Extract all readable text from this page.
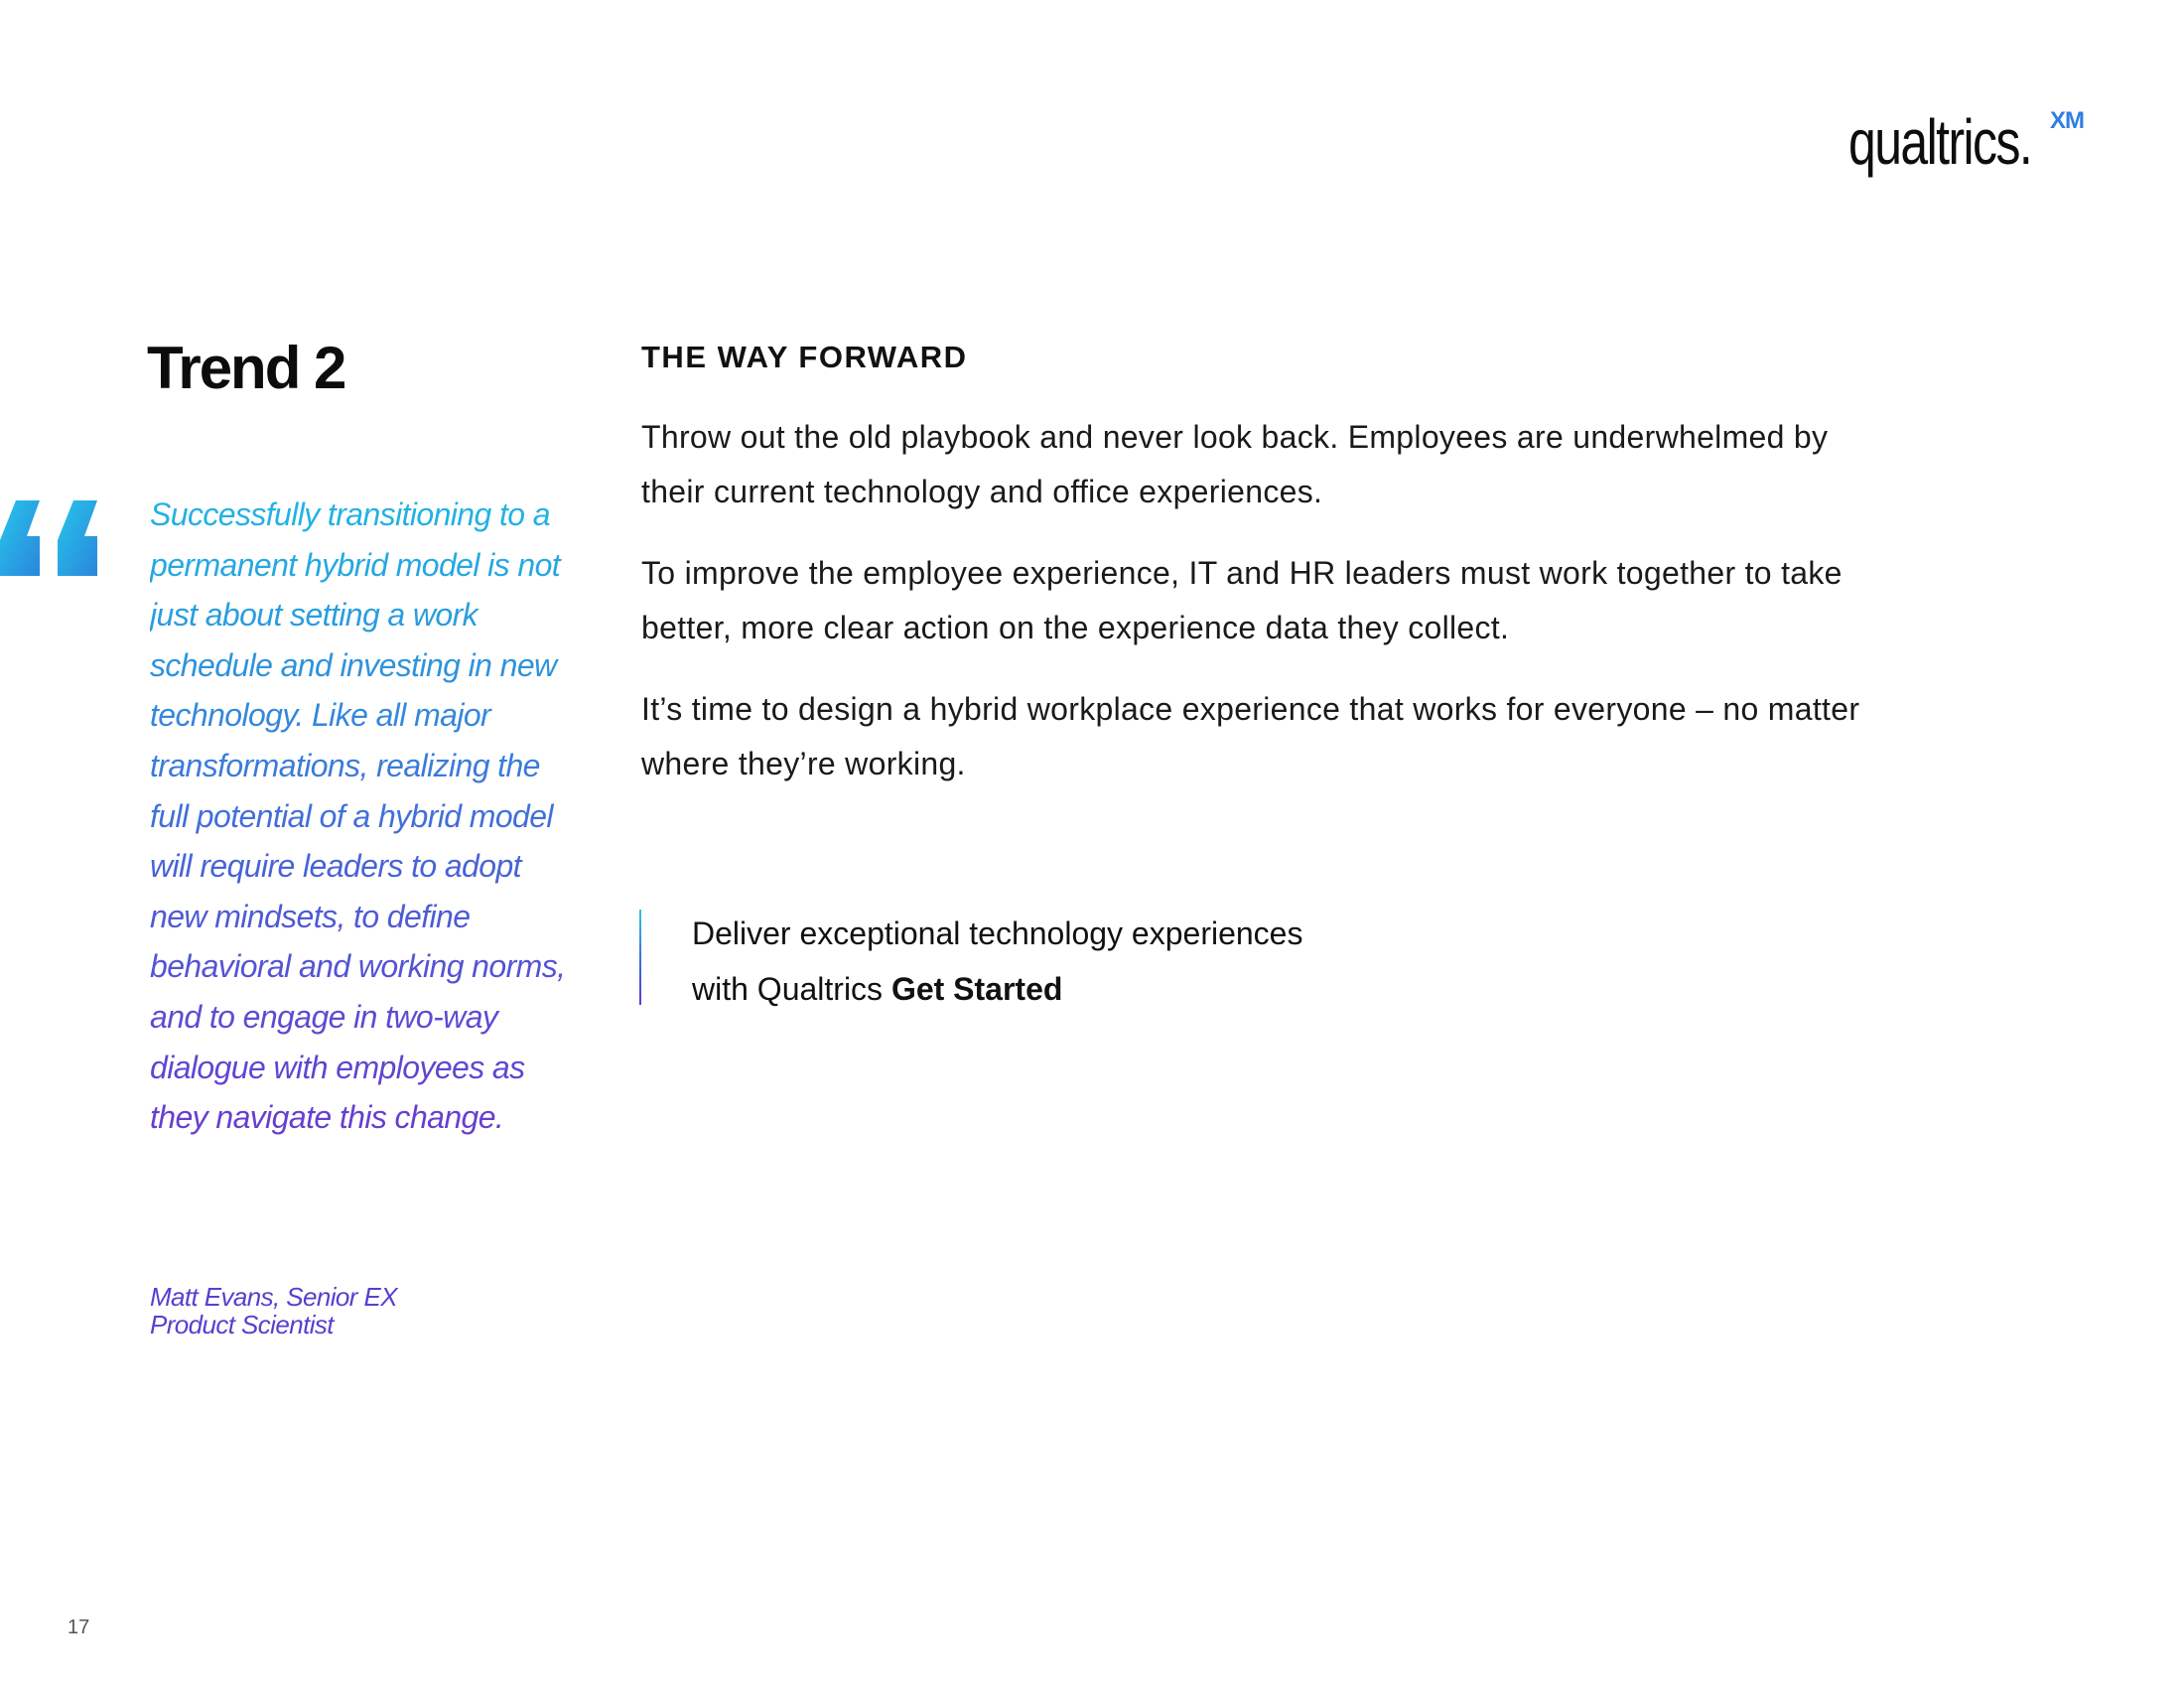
qualtrics. XM
Trend 2

Successfully transitioning to a permanent hybrid model is not just about setting a work schedule and investing in new technology. Like all major transformations, realizing the full potential of a hybrid model will require leaders to adopt new mindsets, to define behavioral and working norms, and to engage in two-way dialogue with employees as they navigate this change.

Matt Evans, Senior EX Product Scientist

THE WAY FORWARD

Throw out the old playbook and never look back. Employees are underwhelmed by their current technology and office experiences.

To improve the employee experience, IT and HR leaders must work together to take better, more clear action on the experience data they collect.

It’s time to design a hybrid workplace experience that works for everyone – no matter where they’re working.

Deliver exceptional technology experiences
with Qualtrics Get Started

17
